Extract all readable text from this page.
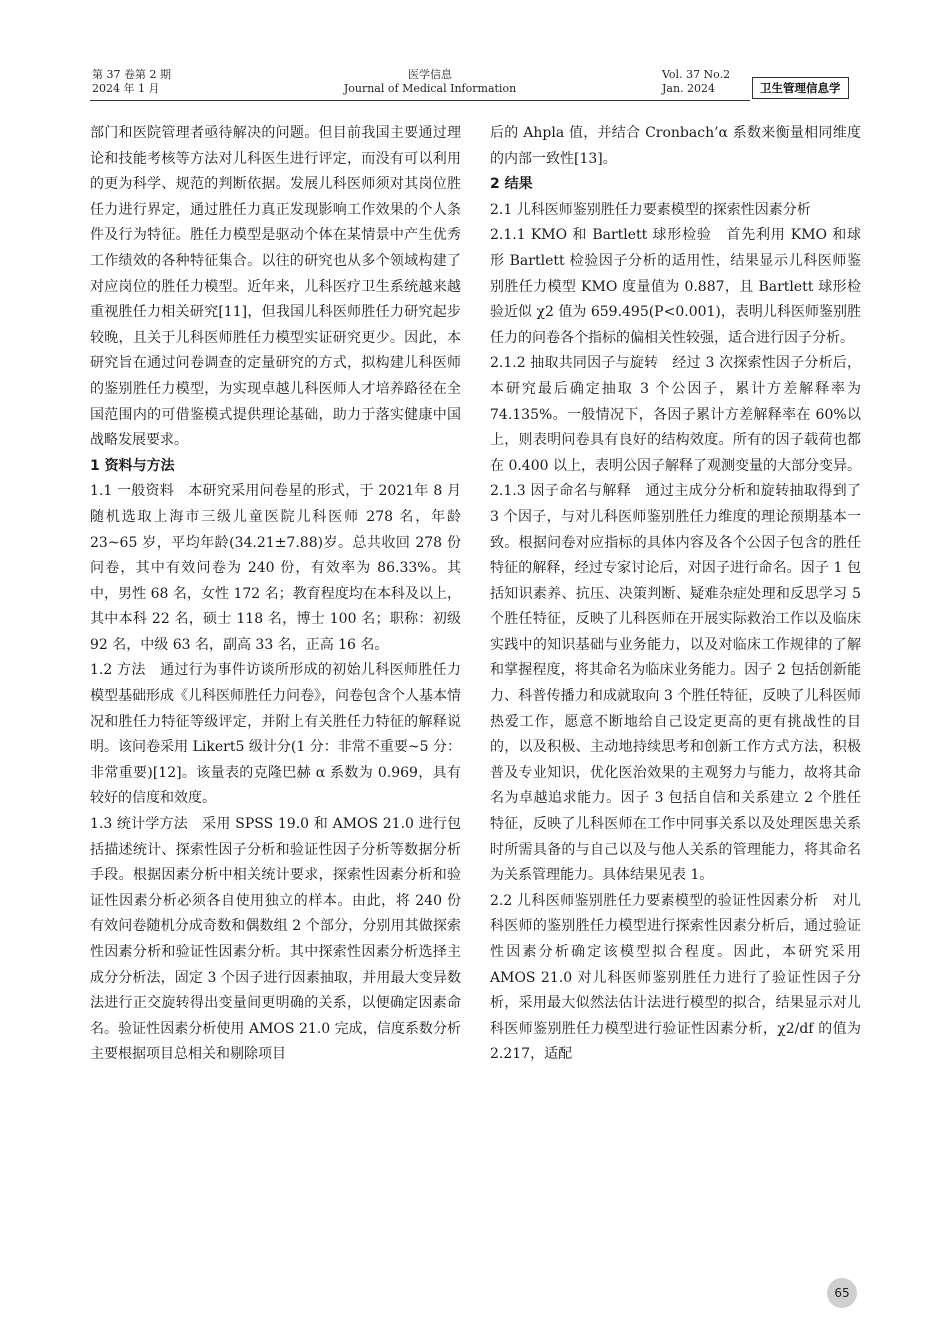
第 37 卷第 2 期
2024 年 1 月
医学信息
Journal of Medical Information
Vol. 37 No.2
Jan. 2024	卫生管理信息学

部门和医院管理者亟待解决的问题。但目前我国主要通过理论和技能考核等方法对儿科医生进行评定，而没有可以利用的更为科学、规范的判断依据。发展儿科医师须对其岗位胜任力进行界定，通过胜任力真正发现影响工作效果的个人条件及行为特征。胜任力模型是驱动个体在某情景中产生优秀工作绩效的各种特征集合。以往的研究也从多个领域构建了对应岗位的胜任力模型。近年来，儿科医疗卫生系统越来越重视胜任力相关研究[11]，但我国儿科医师胜任力研究起步较晚，且关于儿科医师胜任力模型实证研究更少。因此，本研究旨在通过问卷调查的定量研究的方式，拟构建儿科医师的鉴别胜任力模型，为实现卓越儿科医师人才培养路径在全国范围内的可借鉴模式提供理论基础，助力于落实健康中国战略发展要求。

1 资料与方法

1.1 一般资料　 本研究采用问卷星的形式，于 2021年 8 月随机选取上海市三级儿童医院儿科医师 278 名，年龄 23~65 岁，平均年龄(34.21±7.88)岁。总共收回 278 份问卷，其中有效问卷为 240 份，有效率为 86.33%。其中，男性 68 名，女性 172 名；教育程度均在本科及以上，其中本科 22 名，硕士 118 名，博士 100 名；职称：初级 92 名，中级 63 名，副高 33 名，正高 16 名。

1.2 方法　 通过行为事件访谈所形成的初始儿科医师胜任力模型基础形成《儿科医师胜任力问卷》，问卷包含个人基本情况和胜任力特征等级评定，并附上有关胜任力特征的解释说明。该问卷采用 Likert5 级计分(1 分：非常不重要~5 分：非常重要)[12]。该量表的克隆巴赫 α 系数为 0.969，具有较好的信度和效度。

1.3 统计学方法　 采用 SPSS 19.0 和 AMOS 21.0 进行包括描述统计、探索性因子分析和验证性因子分析等数据分析手段。根据因素分析中相关统计要求，探索性因素分析和验证性因素分析必须各自使用独立的样本。由此，将 240 份有效问卷随机分成奇数和偶数组 2 个部分，分别用其做探索性因素分析和验证性因素分析。其中探索性因素分析选择主成分分析法，固定 3 个因子进行因素抽取，并用最大变异数法进行正交旋转得出变量间更明确的关系，以便确定因素命名。验证性因素分析使用 AMOS 21.0 完成，信度系数分析主要根据项目总相关和剔除项目

后的 Ahpla 值，并结合 Cronbach’α 系数来衡量相同维度的内部一致性[13]。

2 结果
2.1 儿科医师鉴别胜任力要素模型的探索性因素分析

2.1.1 KMO 和 Bartlett 球形检验　 首先利用 KMO 和球形 Bartlett 检验因子分析的适用性，结果显示儿科医师鉴别胜任力模型 KMO 度量值为 0.887，且 Bartlett 球形检验近似 χ2 值为 659.495(P<0.001)，表明儿科医师鉴别胜任力的问卷各个指标的偏相关性较强，适合进行因子分析。

2.1.2 抽取共同因子与旋转　 经过 3 次探索性因子分析后，本研究最后确定抽取 3 个公因子，累计方差解释率为 74.135%。一般情况下，各因子累计方差解释率在 60%以上，则表明问卷具有良好的结构效度。所有的因子载荷也都在 0.400 以上，表明公因子解释了观测变量的大部分变异。

2.1.3 因子命名与解释　 通过主成分分析和旋转抽取得到了 3 个因子，与对儿科医师鉴别胜任力维度的理论预期基本一致。根据问卷对应指标的具体内容及各个公因子包含的胜任特征的解释，经过专家讨论后，对因子进行命名。因子 1 包括知识素养、抗压、决策判断、疑难杂症处理和反思学习 5 个胜任特征，反映了儿科医师在开展实际救治工作以及临床实践中的知识基础与业务能力，以及对临床工作规律的了解和掌握程度，将其命名为临床业务能力。因子 2 包括创新能力、科普传播力和成就取向 3 个胜任特征，反映了儿科医师热爱工作，愿意不断地给自己设定更高的更有挑战性的目的，以及积极、主动地持续思考和创新工作方式方法，积极普及专业知识，优化医治效果的主观努力与能力，故将其命名为卓越追求能力。因子 3 包括自信和关系建立 2 个胜任特征，反映了儿科医师在工作中同事关系以及处理医患关系时所需具备的与自己以及与他人关系的管理能力，将其命名为关系管理能力。具体结果见表 1。

2.2 儿科医师鉴别胜任力要素模型的验证性因素分析　 对儿科医师的鉴别胜任力模型进行探索性因素分析后，通过验证性因素分析确定该模型拟合程度。因此，本研究采用 AMOS 21.0 对儿科医师鉴别胜任力进行了验证性因子分析，采用最大似然法估计法进行模型的拟合，结果显示对儿科医师鉴别胜任力模型进行验证性因素分析，χ2/df 的值为 2.217，适配

65
